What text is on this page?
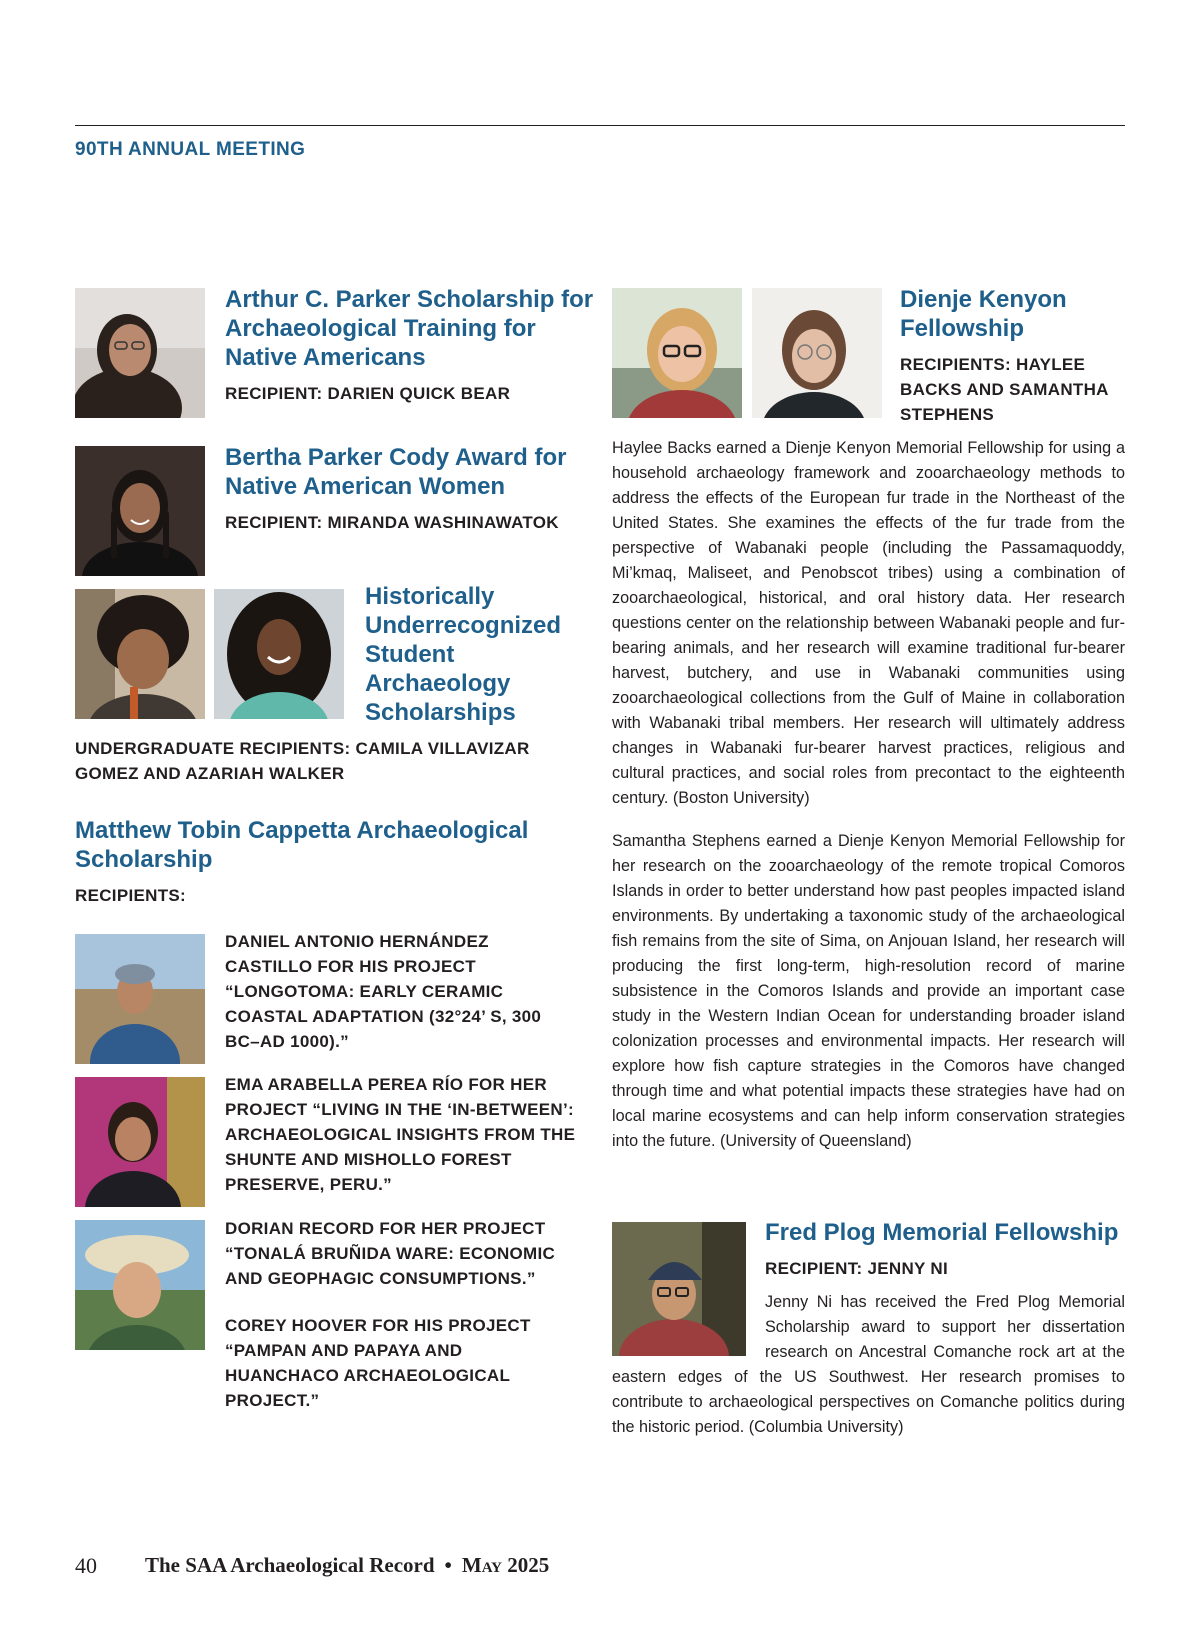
90TH ANNUAL MEETING
Arthur C. Parker Scholarship for Archaeological Training for Native Americans

RECIPIENT: DARIEN QUICK BEAR

Bertha Parker Cody Award for Native American Women

RECIPIENT: MIRANDA WASHINAWATOK

Historically Underrecognized Student Archaeology Scholarships

UNDERGRADUATE RECIPIENTS: CAMILA VILLAVIZAR GOMEZ AND AZARIAH WALKER

Matthew Tobin Cappetta Archaeological Scholarship

RECIPIENTS:

DANIEL ANTONIO HERNÁNDEZ CASTILLO FOR HIS PROJECT “LONGOTOMA: EARLY CERAMIC COASTAL ADAPTATION (32°24’ S, 300 BC–AD 1000).”

EMA ARABELLA PEREA RÍO FOR HER PROJECT “LIVING IN THE ‘IN-BETWEEN’: ARCHAEOLOGICAL INSIGHTS FROM THE SHUNTE AND MISHOLLO FOREST PRESERVE, PERU.”

DORIAN RECORD FOR HER PROJECT “TONALÁ BRUÑIDA WARE: ECONOMIC AND GEOPHAGIC CONSUMPTIONS.”

COREY HOOVER FOR HIS PROJECT “PAMPAN AND PAPAYA AND HUANCHACO ARCHAEOLOGICAL PROJECT.”

Dienje Kenyon Fellowship

RECIPIENTS: HAYLEE BACKS AND SAMANTHA STEPHENS

Haylee Backs earned a Dienje Kenyon Memorial Fellowship for using a household archaeology framework and zooarchaeology methods to address the effects of the European fur trade in the Northeast of the United States. She examines the effects of the fur trade from the perspective of Wabanaki people (including the Passamaquoddy, Mi’kmaq, Maliseet, and Penobscot tribes) using a combination of zooarchaeological, historical, and oral history data. Her research questions center on the relationship between Wabanaki people and fur-bearing animals, and her research will examine traditional fur-bearer harvest, butchery, and use in Wabanaki communities using zooarchaeological collections from the Gulf of Maine in collaboration with Wabanaki tribal members. Her research will ultimately address changes in Wabanaki fur-bearer harvest practices, religious and cultural practices, and social roles from precontact to the eighteenth century. (Boston University)

Samantha Stephens earned a Dienje Kenyon Memorial Fellowship for her research on the zooarchaeology of the remote tropical Comoros Islands in order to better understand how past peoples impacted island environments. By undertaking a taxonomic study of the archaeological fish remains from the site of Sima, on Anjouan Island, her research will producing the first long-term, high-resolution record of marine subsistence in the Comoros Islands and provide an important case study in the Western Indian Ocean for understanding broader island colonization processes and environmental impacts. Her research will explore how fish capture strategies in the Comoros have changed through time and what potential impacts these strategies have had on local marine ecosystems and can help inform conservation strategies into the future. (University of Queensland)

Fred Plog Memorial Fellowship

RECIPIENT: JENNY NI

Jenny Ni has received the Fred Plog Memorial Scholarship award to support her dissertation research on Ancestral Comanche rock art at the eastern edges of the US Southwest. Her research promises to contribute to archaeological perspectives on Comanche politics during the historic period. (Columbia University)

40 The SAA Archaeological Record • May 2025
